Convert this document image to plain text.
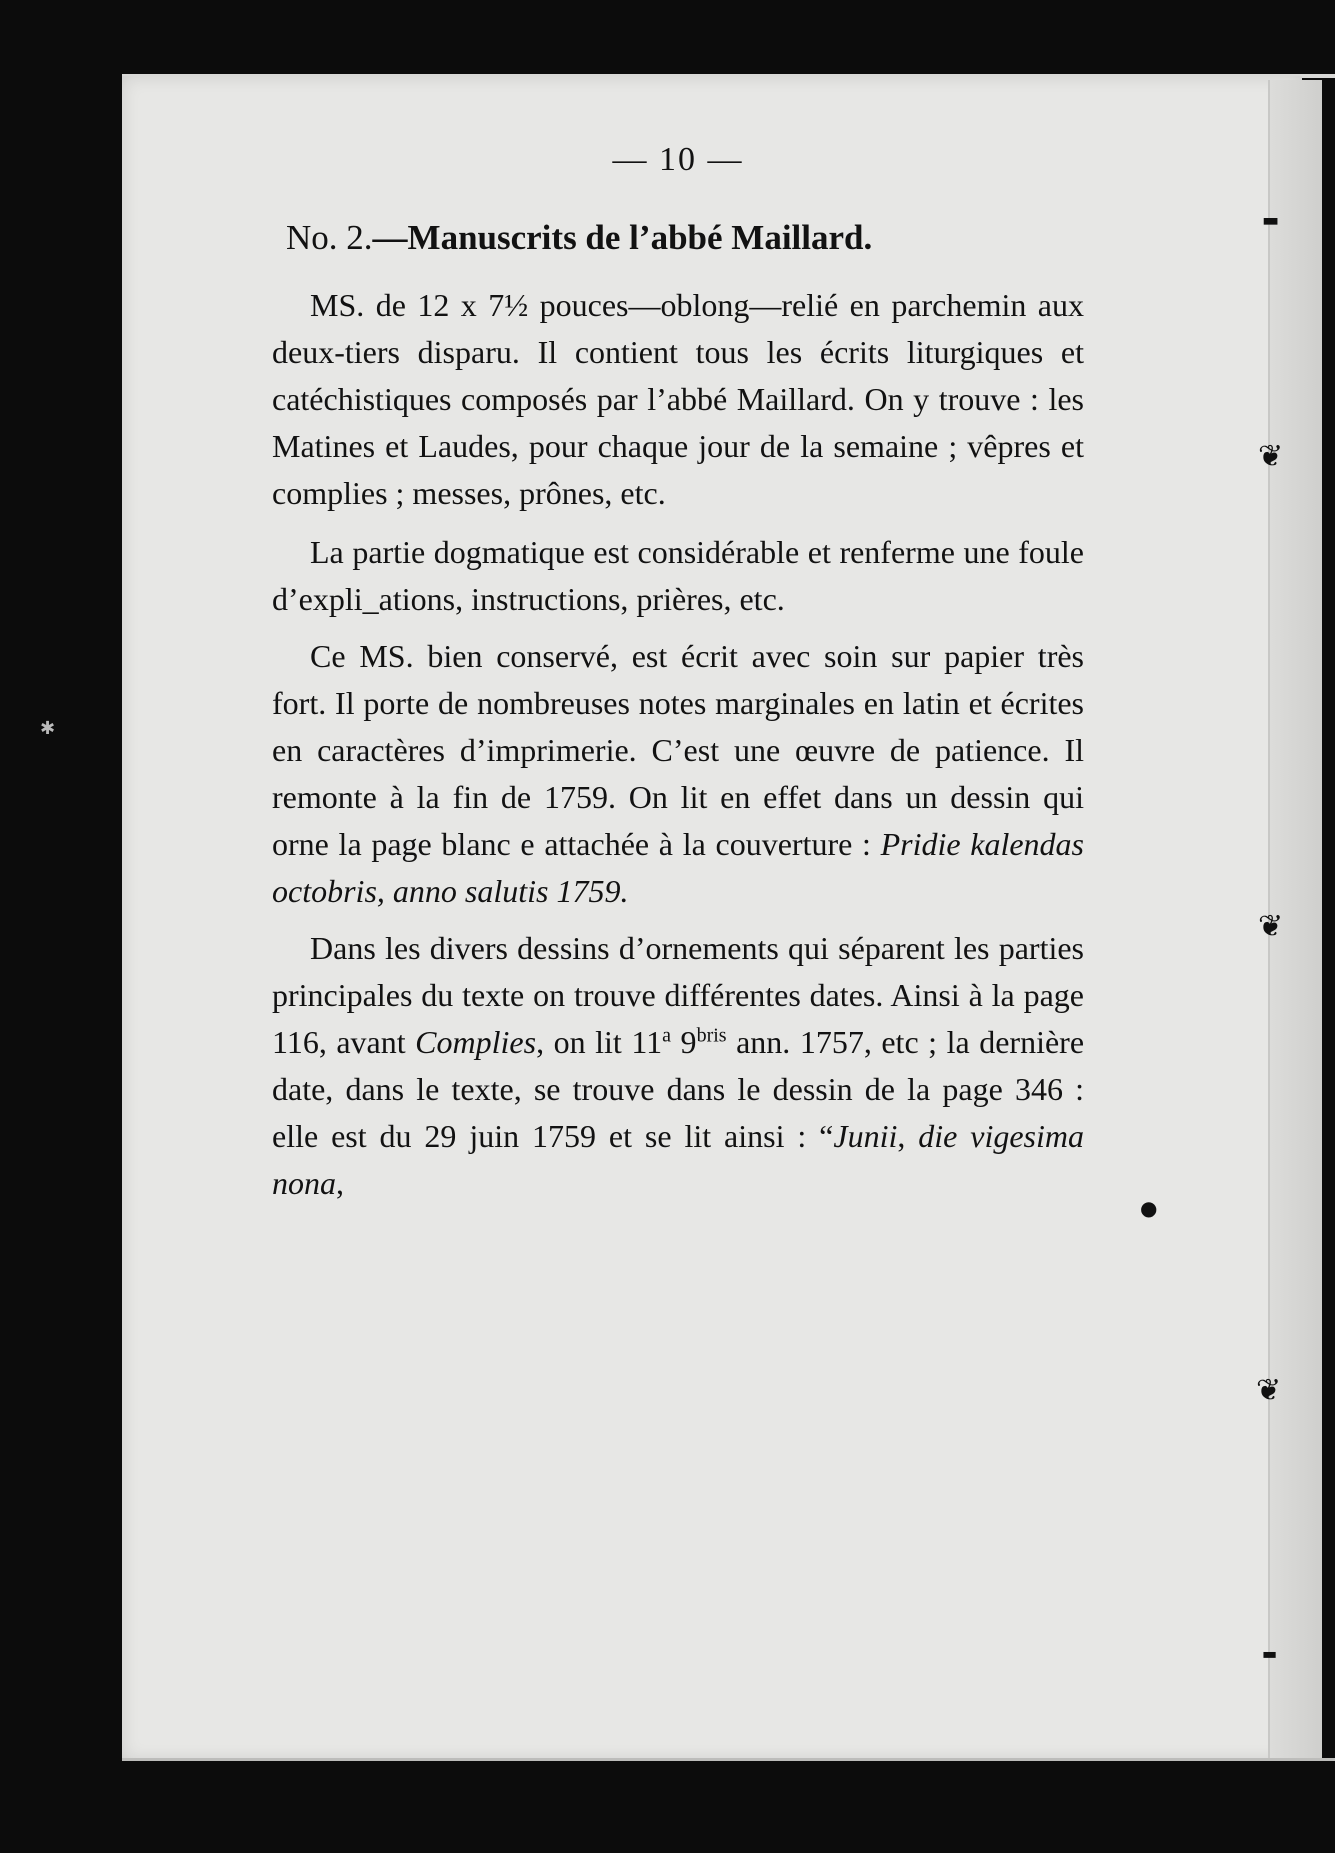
▬
❦
❦
❦
▬
●
✱
— 10 —
No. 2.—Manuscrits de l’abbé Maillard.

MS. de 12 x 7½ pouces—oblong—relié en parchemin aux deux-tiers disparu. Il contient tous les écrits liturgiques et catéchistiques composés par l’abbé Maillard. On y trouve : les Matines et Laudes, pour chaque jour de la semaine ; vêpres et complies ; messes, prônes, etc.

La partie dogmatique est considérable et renferme une foule d’expli_ations, instructions, prières, etc.

Ce MS. bien conservé, est écrit avec soin sur papier très fort. Il porte de nombreuses notes marginales en latin et écrites en caractères d’imprimerie. C’est une œuvre de patience. Il remonte à la fin de 1759. On lit en effet dans un dessin qui orne la page blanc e attachée à la couverture : Pridie kalendas octobris, anno salutis 1759.

Dans les divers dessins d’ornements qui séparent les parties principales du texte on trouve différentes dates. Ainsi à la page 116, avant Complies, on lit 11$^a$ $9^{bris}$ ann. 1757, etc ; la dernière date, dans le texte, se trouve dans le dessin de la page 346 : elle est du 29 juin 1759 et se lit ainsi : “Junii, die vigesima nona,
